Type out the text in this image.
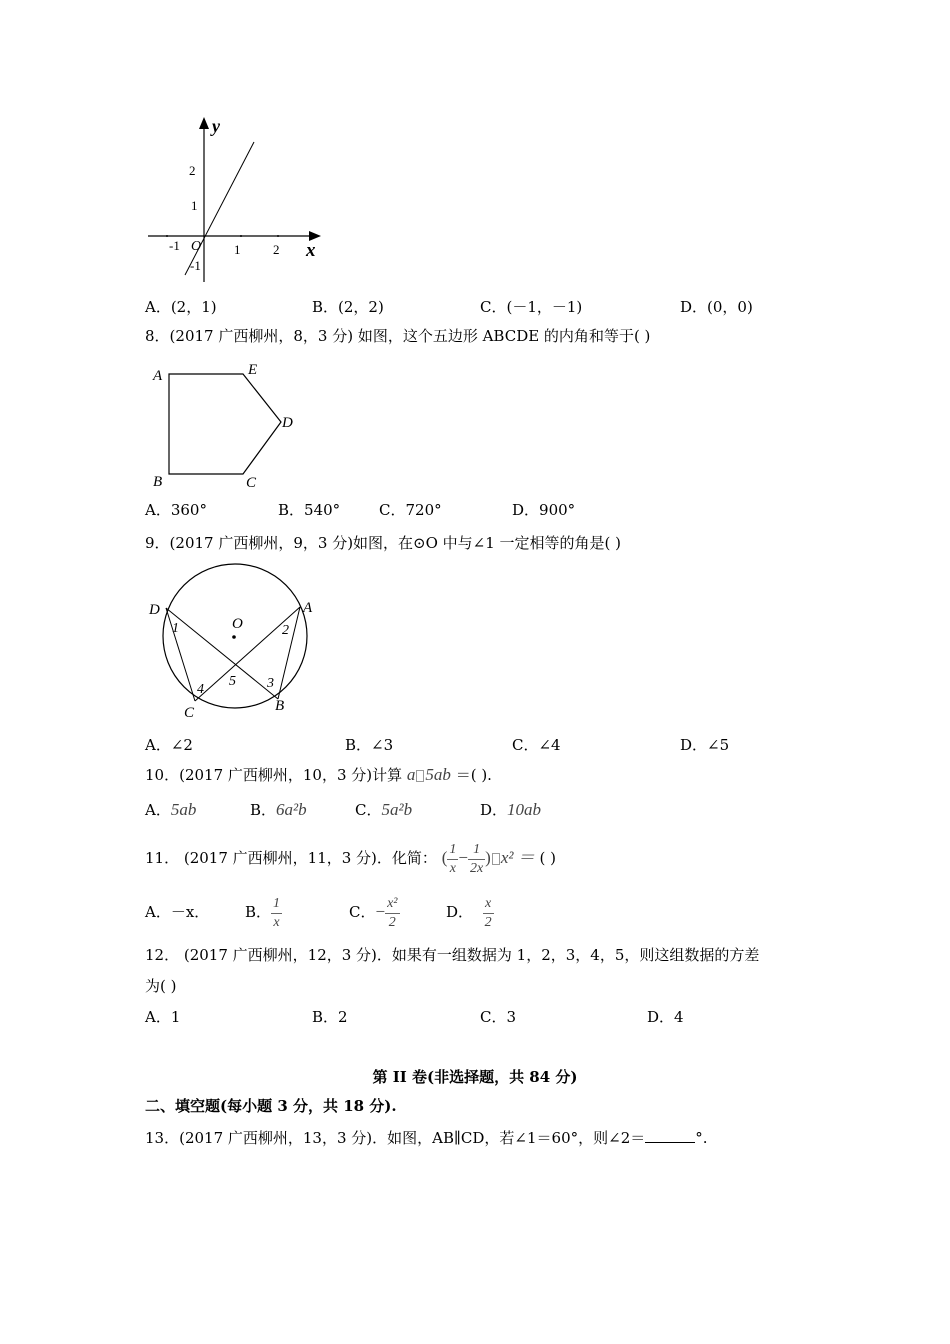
y
x
O
2
1
-1
-1	1	2
A．(2，1)	B．(2，2)	C．(－1，－1)	D．(0，0)
8．(2017 广西柳州，8，3 分) 如图，这个五边形 ABCDE 的内角和等于( )
A	E
D
B	C
A．360°	B．540°	C．720°	D．900°
9．(2017 广西柳州，9，3 分)如图，在⊙O 中与∠1 一定相等的角是( )
O
D	A
C	B
1	2
3
4
5
A．∠2	B．∠3	C．∠4	D．∠5
10．(2017 广西柳州，10，3 分)计算 a 5ab ＝( ).
A．5ab	B．6a²b	C．5a²b	D．10ab
11． (2017 广西柳州，11，3 分)．化简： ( $\frac{1}{x} - \frac{1}{2x}$ ) x² ＝ ( )
A．－x． B． $\frac{1}{x}$	C．− $\frac{\text{x²}}{2}$	D． $\frac{x}{2}$
12． (2017 广西柳州，12，3 分)．如果有一组数据为 1，2，3，4，5，则这组数据的方差
为( )
A．1	B．2	C．3	D．4
第 II 卷(非选择题，共 84 分)
二、填空题(每小题 3 分，共 18 分).
13．(2017 广西柳州，13，3 分)．如图，AB∥CD，若∠1＝60°，则∠2＝	°.
